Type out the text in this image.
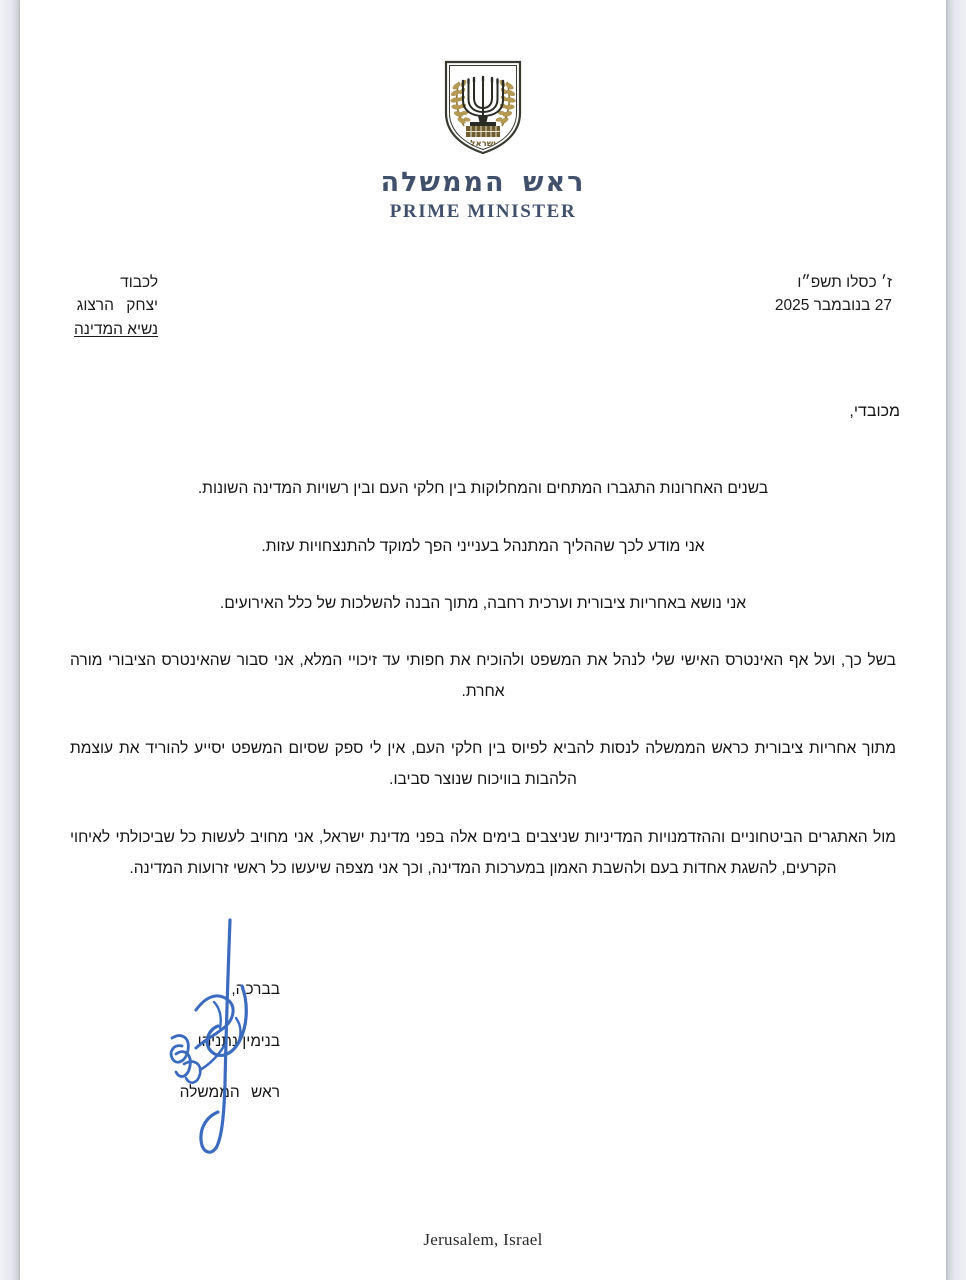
ישראל
ראש הממשלה
PRIME MINISTER
ז׳ כסלו תשפ״ו
27 בנובמבר 2025
לכבוד
יצחק הרצוג
נשיא המדינה
מכובדי,

בשנים האחרונות התגברו המתחים והמחלוקות בין חלקי העם ובין רשויות המדינה השונות.

אני מודע לכך שההליך המתנהל בענייני הפך למוקד להתנצחויות עזות.

אני נושא באחריות ציבורית וערכית רחבה, מתוך הבנה להשלכות של כלל האירועים.

בשל כך, ועל אף האינטרס האישי שלי לנהל את המשפט ולהוכיח את חפותי עד זיכויי המלא, אני סבור שהאינטרס הציבורי מורה אחרת.

מתוך אחריות ציבורית כראש הממשלה לנסות להביא לפיוס בין חלקי העם, אין לי ספק שסיום המשפט יסייע להוריד את עוצמת הלהבות בוויכוח שנוצר סביבו.

מול האתגרים הביטחוניים וההזדמנויות המדיניות שניצבים בימים אלה בפני מדינת ישראל, אני מחויב לעשות כל שביכולתי לאיחוי הקרעים, להשגת אחדות בעם ולהשבת האמון במערכות המדינה, וכך אני מצפה שיעשו כל ראשי זרועות המדינה.

בברכה,
בנימין נתניהו
ראש הממשלה
Jerusalem, Israel
